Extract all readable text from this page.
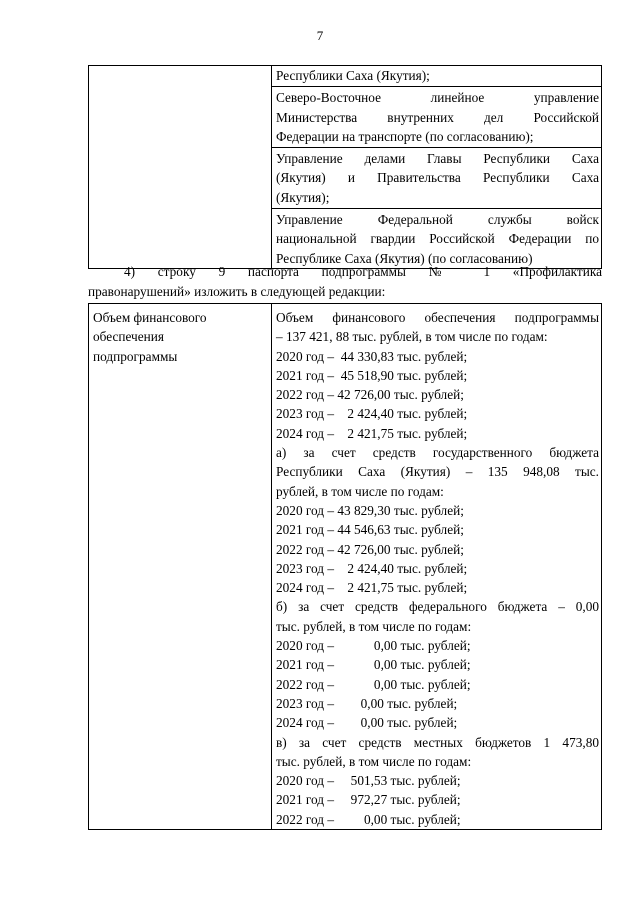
7

Республики Саха (Якутия);
Северо-Восточное линейное управление
Министерства внутренних дел Российской
Федерации на транспорте (по согласованию);
Управление делами Главы Республики Саха
(Якутия) и Правительства Республики Саха
(Якутия);
Управление Федеральной службы войск
национальной гвардии Российской Федерации по
Республике Саха (Якутия) (по согласованию)
4) строку 9 паспорта подпрограммы № 1 «Профилактика
правонарушений» изложить в следующей редакции:
Объем финансового
обеспечения
подпрограммы

Объем финансового обеспечения подпрограммы
– 137 421, 88 тыс. рублей, в том числе по годам:
2020 год –  44 330,83 тыс. рублей;
2021 год –  45 518,90 тыс. рублей;
2022 год – 42 726,00 тыс. рублей;
2023 год –    2 424,40 тыс. рублей;
2024 год –    2 421,75 тыс. рублей;
а) за счет средств государственного бюджета
Республики Саха (Якутия) – 135 948,08 тыс.
рублей, в том числе по годам:
2020 год – 43 829,30 тыс. рублей;
2021 год – 44 546,63 тыс. рублей;
2022 год – 42 726,00 тыс. рублей;
2023 год –    2 424,40 тыс. рублей;
2024 год –    2 421,75 тыс. рублей;
б) за счет средств федерального бюджета – 0,00
тыс. рублей, в том числе по годам:
2020 год –            0,00 тыс. рублей;
2021 год –            0,00 тыс. рублей;
2022 год –            0,00 тыс. рублей;
2023 год –        0,00 тыс. рублей;
2024 год –        0,00 тыс. рублей;
в) за счет средств местных бюджетов 1 473,80
тыс. рублей, в том числе по годам:
2020 год –     501,53 тыс. рублей;
2021 год –     972,27 тыс. рублей;
2022 год –         0,00 тыс. рублей;
